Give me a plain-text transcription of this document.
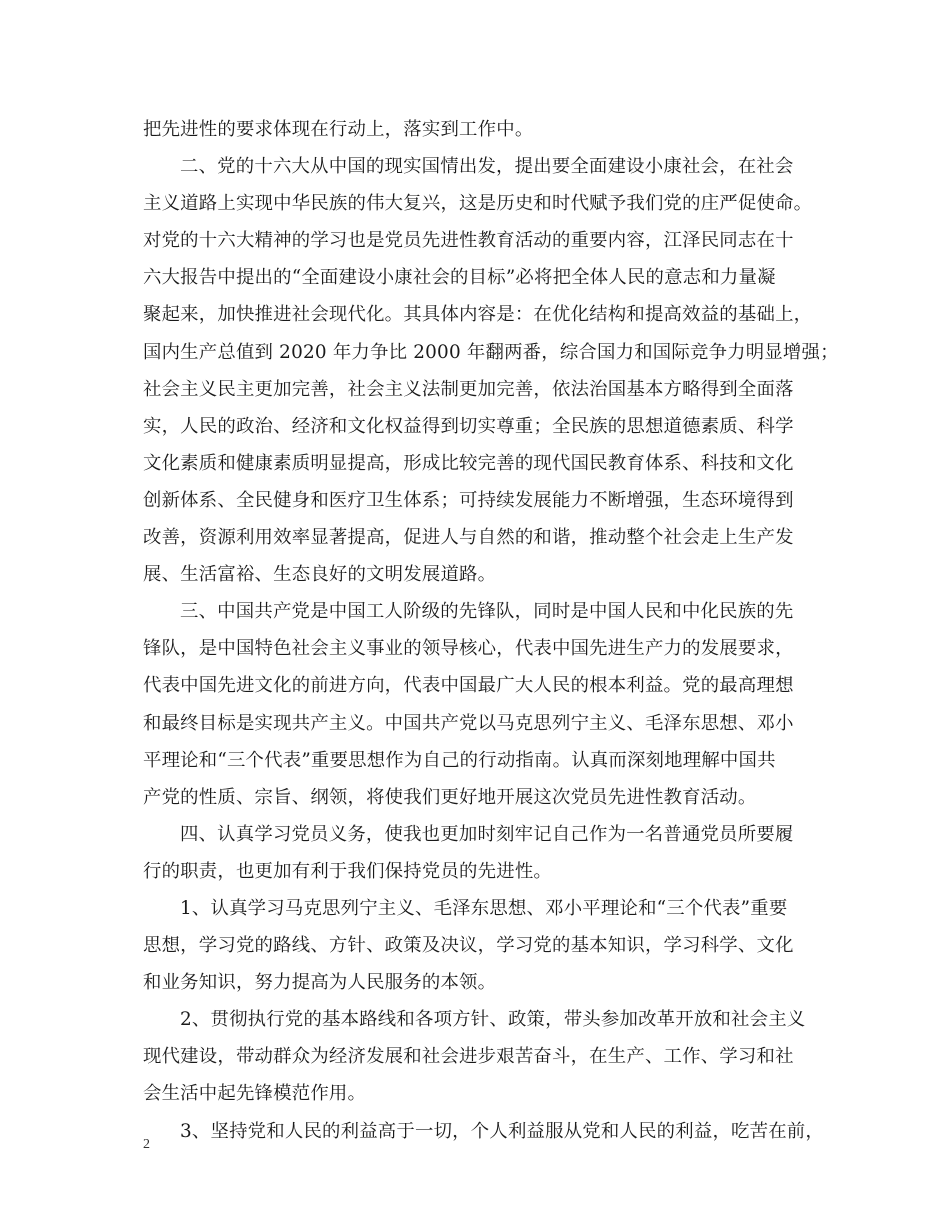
把先进性的要求体现在行动上，落实到工作中。
二、党的十六大从中国的现实国情出发，提出要全面建设小康社会，在社会
主义道路上实现中华民族的伟大复兴，这是历史和时代赋予我们党的庄严促使命。
对党的十六大精神的学习也是党员先进性教育活动的重要内容，江泽民同志在十
六大报告中提出的“全面建设小康社会的目标”必将把全体人民的意志和力量凝
聚起来，加快推进社会现代化。其具体内容是：在优化结构和提高效益的基础上，
国内生产总值到 2020 年力争比 2000 年翻两番，综合国力和国际竞争力明显增强；
社会主义民主更加完善，社会主义法制更加完善，依法治国基本方略得到全面落
实，人民的政治、经济和文化权益得到切实尊重；全民族的思想道德素质、科学
文化素质和健康素质明显提高，形成比较完善的现代国民教育体系、科技和文化
创新体系、全民健身和医疗卫生体系；可持续发展能力不断增强，生态环境得到
改善，资源利用效率显著提高，促进人与自然的和谐，推动整个社会走上生产发
展、生活富裕、生态良好的文明发展道路。
三、中国共产党是中国工人阶级的先锋队，同时是中国人民和中化民族的先
锋队，是中国特色社会主义事业的领导核心，代表中国先进生产力的发展要求，
代表中国先进文化的前进方向，代表中国最广大人民的根本利益。党的最高理想
和最终目标是实现共产主义。中国共产党以马克思列宁主义、毛泽东思想、邓小
平理论和“三个代表”重要思想作为自己的行动指南。认真而深刻地理解中国共
产党的性质、宗旨、纲领，将使我们更好地开展这次党员先进性教育活动。
四、认真学习党员义务，使我也更加时刻牢记自己作为一名普通党员所要履
行的职责，也更加有利于我们保持党员的先进性。
1、认真学习马克思列宁主义、毛泽东思想、邓小平理论和“三个代表”重要
思想，学习党的路线、方针、政策及决议，学习党的基本知识，学习科学、文化
和业务知识，努力提高为人民服务的本领。
2、贯彻执行党的基本路线和各项方针、政策，带头参加改革开放和社会主义
现代建设，带动群众为经济发展和社会进步艰苦奋斗，在生产、工作、学习和社
会生活中起先锋模范作用。
3、坚持党和人民的利益高于一切，个人利益服从党和人民的利益，吃苦在前，
2
